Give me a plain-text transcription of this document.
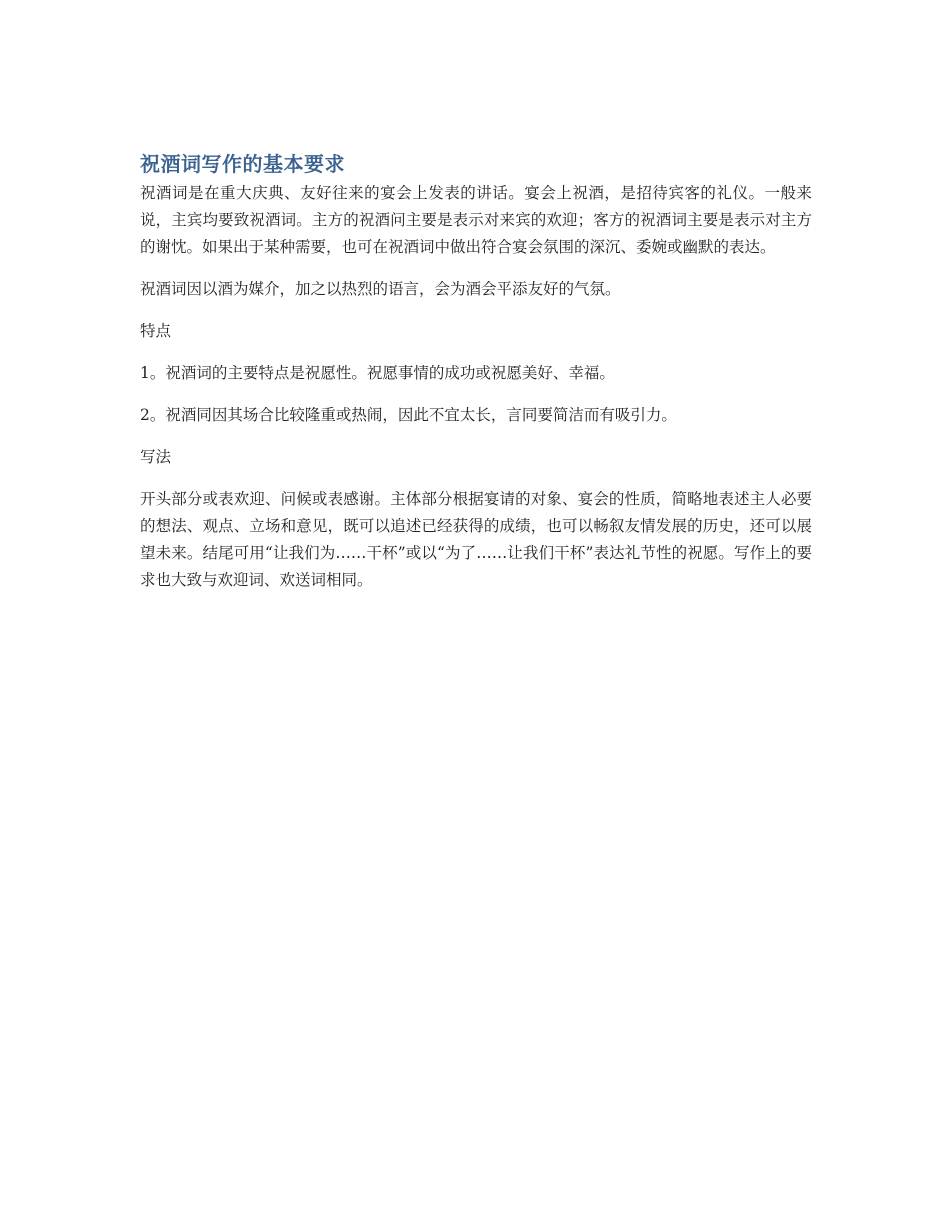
祝酒词写作的基本要求

祝酒词是在重大庆典、友好往来的宴会上发表的讲话。宴会上祝酒，是招待宾客的礼仪。一般来说，主宾均要致祝酒词。主方的祝酒问主要是表示对来宾的欢迎；客方的祝酒词主要是表示对主方的谢忱。如果出于某种需要，也可在祝酒词中做出符合宴会氛围的深沉、委婉或幽默的表达。

祝酒词因以酒为媒介，加之以热烈的语言，会为酒会平添友好的气氛。

特点

1。祝酒词的主要特点是祝愿性。祝愿事情的成功或祝愿美好、幸福。

2。祝酒同因其场合比较隆重或热闹，因此不宜太长，言同要简洁而有吸引力。

写法

开头部分或表欢迎、问候或表感谢。主体部分根据宴请的对象、宴会的性质，简略地表述主人必要的想法、观点、立场和意见，既可以追述已经获得的成绩，也可以畅叙友情发展的历史，还可以展望未来。结尾可用“让我们为……干杯”或以“为了……让我们干杯”表达礼节性的祝愿。写作上的要求也大致与欢迎词、欢送词相同。
